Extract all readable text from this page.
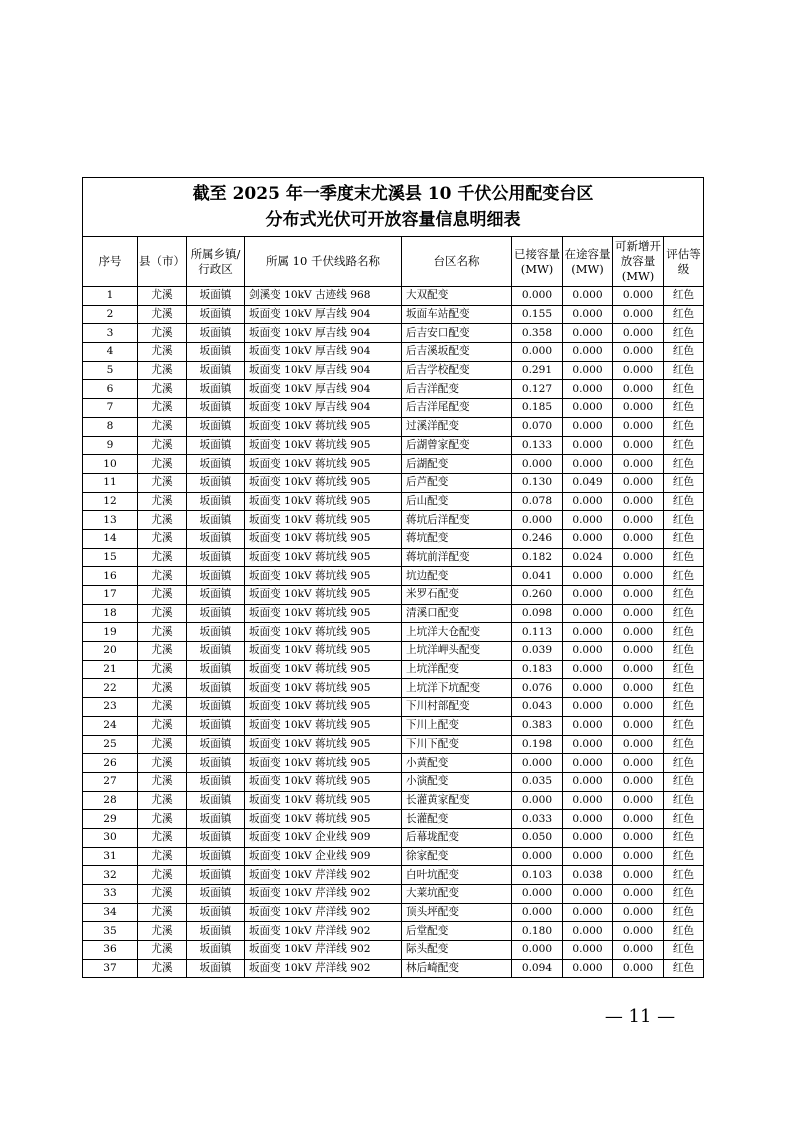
截至 2025 年一季度末尤溪县 10 千伏公用配变台区
分布式光伏可开放容量信息明细表								

序号	县（市）	所属乡镇/行政区	所属 10 千伏线路名称	台区名称	已接容量(MW)	在途容量(MW)	可新增开放容量(MW)	评估等级
1	尤溪	坂面镇	剑溪变 10kV 古迹线 968	大双配变	0.000	0.000	0.000	红色
2	尤溪	坂面镇	坂面变 10kV 厚吉线 904	坂面车站配变	0.155	0.000	0.000	红色
3	尤溪	坂面镇	坂面变 10kV 厚吉线 904	后吉安口配变	0.358	0.000	0.000	红色
4	尤溪	坂面镇	坂面变 10kV 厚吉线 904	后吉溪坂配变	0.000	0.000	0.000	红色
5	尤溪	坂面镇	坂面变 10kV 厚吉线 904	后吉学校配变	0.291	0.000	0.000	红色
6	尤溪	坂面镇	坂面变 10kV 厚吉线 904	后吉洋配变	0.127	0.000	0.000	红色
7	尤溪	坂面镇	坂面变 10kV 厚吉线 904	后吉洋尾配变	0.185	0.000	0.000	红色
8	尤溪	坂面镇	坂面变 10kV 蒋坑线 905	过溪洋配变	0.070	0.000	0.000	红色
9	尤溪	坂面镇	坂面变 10kV 蒋坑线 905	后湖曾家配变	0.133	0.000	0.000	红色
10	尤溪	坂面镇	坂面变 10kV 蒋坑线 905	后湖配变	0.000	0.000	0.000	红色
11	尤溪	坂面镇	坂面变 10kV 蒋坑线 905	后芦配变	0.130	0.049	0.000	红色
12	尤溪	坂面镇	坂面变 10kV 蒋坑线 905	后山配变	0.078	0.000	0.000	红色
13	尤溪	坂面镇	坂面变 10kV 蒋坑线 905	蒋坑后洋配变	0.000	0.000	0.000	红色
14	尤溪	坂面镇	坂面变 10kV 蒋坑线 905	蒋坑配变	0.246	0.000	0.000	红色
15	尤溪	坂面镇	坂面变 10kV 蒋坑线 905	蒋坑前洋配变	0.182	0.024	0.000	红色
16	尤溪	坂面镇	坂面变 10kV 蒋坑线 905	坑边配变	0.041	0.000	0.000	红色
17	尤溪	坂面镇	坂面变 10kV 蒋坑线 905	米罗石配变	0.260	0.000	0.000	红色
18	尤溪	坂面镇	坂面变 10kV 蒋坑线 905	清溪口配变	0.098	0.000	0.000	红色
19	尤溪	坂面镇	坂面变 10kV 蒋坑线 905	上坑洋大仓配变	0.113	0.000	0.000	红色
20	尤溪	坂面镇	坂面变 10kV 蒋坑线 905	上坑洋岬头配变	0.039	0.000	0.000	红色
21	尤溪	坂面镇	坂面变 10kV 蒋坑线 905	上坑洋配变	0.183	0.000	0.000	红色
22	尤溪	坂面镇	坂面变 10kV 蒋坑线 905	上坑洋下坑配变	0.076	0.000	0.000	红色
23	尤溪	坂面镇	坂面变 10kV 蒋坑线 905	下川村部配变	0.043	0.000	0.000	红色
24	尤溪	坂面镇	坂面变 10kV 蒋坑线 905	下川上配变	0.383	0.000	0.000	红色
25	尤溪	坂面镇	坂面变 10kV 蒋坑线 905	下川下配变	0.198	0.000	0.000	红色
26	尤溪	坂面镇	坂面变 10kV 蒋坑线 905	小黄配变	0.000	0.000	0.000	红色
27	尤溪	坂面镇	坂面变 10kV 蒋坑线 905	小演配变	0.035	0.000	0.000	红色
28	尤溪	坂面镇	坂面变 10kV 蒋坑线 905	长灌黄家配变	0.000	0.000	0.000	红色
29	尤溪	坂面镇	坂面变 10kV 蒋坑线 905	长灌配变	0.033	0.000	0.000	红色
30	尤溪	坂面镇	坂面变 10kV 企业线 909	后幕垅配变	0.050	0.000	0.000	红色
31	尤溪	坂面镇	坂面变 10kV 企业线 909	徐家配变	0.000	0.000	0.000	红色
32	尤溪	坂面镇	坂面变 10kV 芹洋线 902	白叶坑配变	0.103	0.038	0.000	红色
33	尤溪	坂面镇	坂面变 10kV 芹洋线 902	大莱坑配变	0.000	0.000	0.000	红色
34	尤溪	坂面镇	坂面变 10kV 芹洋线 902	顶头坪配变	0.000	0.000	0.000	红色
35	尤溪	坂面镇	坂面变 10kV 芹洋线 902	后堂配变	0.180	0.000	0.000	红色
36	尤溪	坂面镇	坂面变 10kV 芹洋线 902	际头配变	0.000	0.000	0.000	红色
37	尤溪	坂面镇	坂面变 10kV 芹洋线 902	林后崎配变	0.094	0.000	0.000	红色
— 11 —
